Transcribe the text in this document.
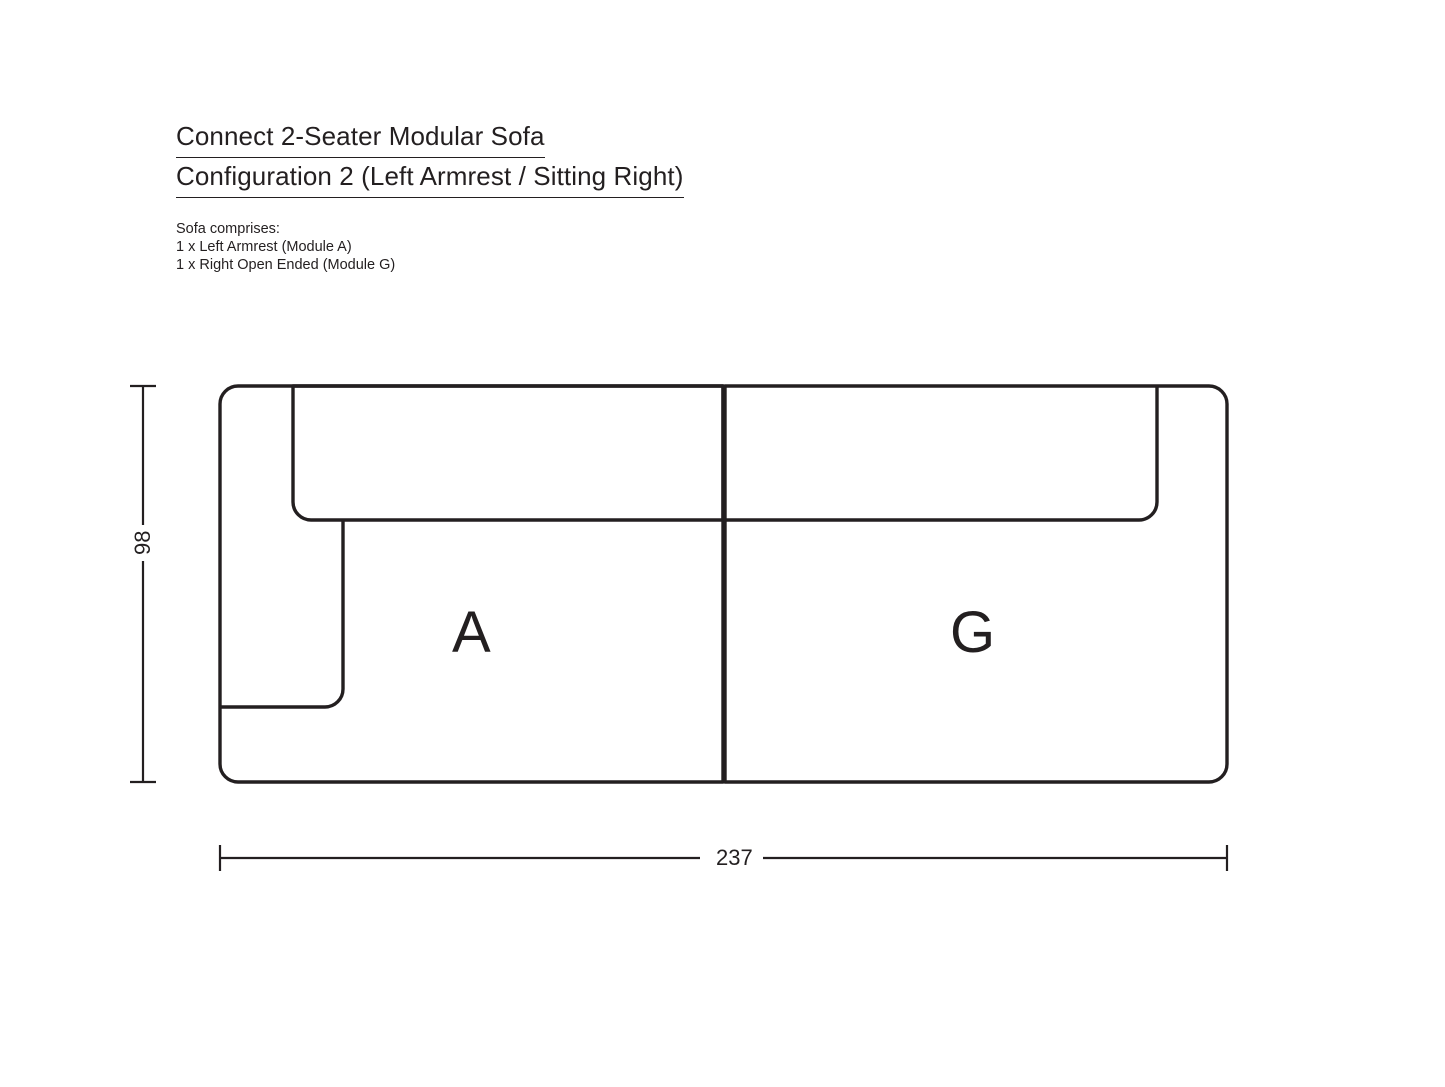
Connect 2-Seater Modular Sofa
Configuration 2 (Left Armrest / Sitting Right)
Sofa comprises:
1 x Left Armrest (Module A)
1 x Right Open Ended (Module G)
A	G
98
237
